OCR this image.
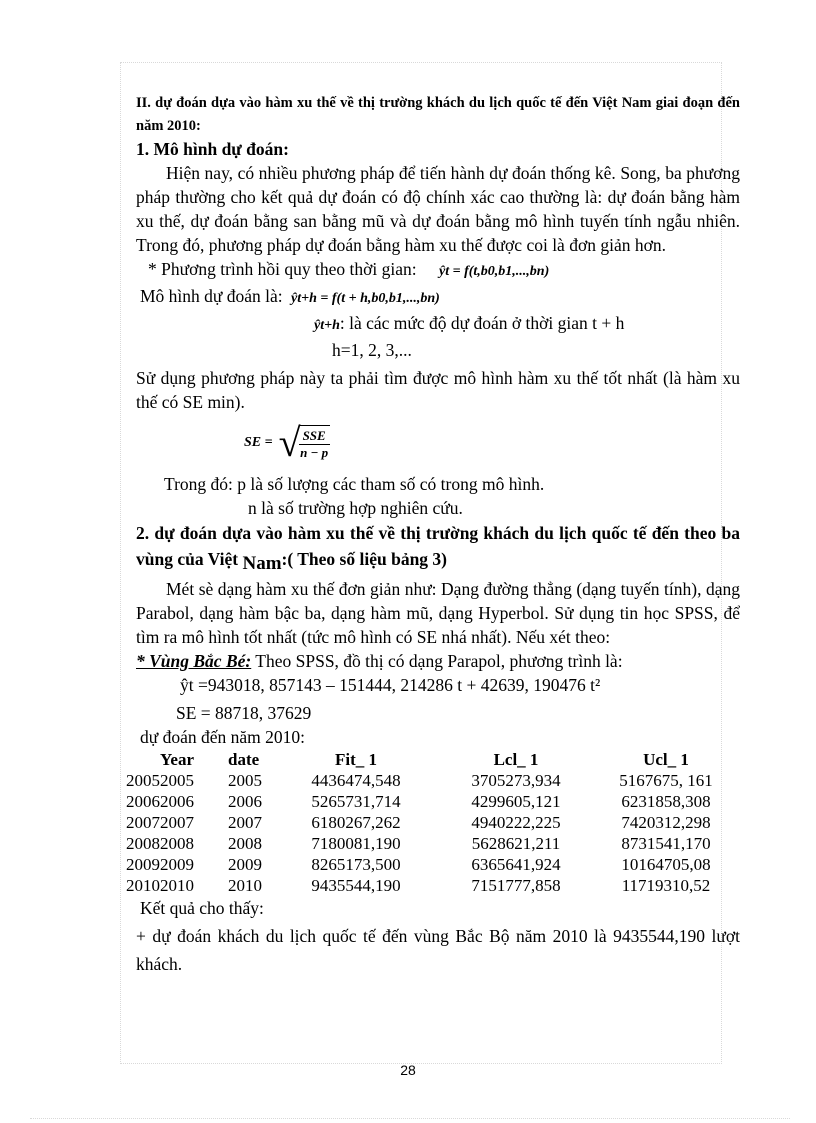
II. dự đoán dựa vào hàm xu thế về thị trường khách du lịch quốc tế đến Việt Nam giai đoạn đến năm 2010:
1. Mô hình dự đoán:
Hiện nay, có nhiều phương pháp để tiến hành dự đoán thống kê. Song, ba phương pháp thường cho kết quả dự đoán có độ chính xác cao thường là: dự đoán bằng hàm xu thế, dự đoán bằng san bằng mũ và dự đoán bằng mô hình tuyến tính ngẫu nhiên. Trong đó, phương pháp dự đoán bằng hàm xu thế được coi là đơn giản hơn.
* Phương trình hồi quy theo thời gian: ŷt = f(t,b0,b1,...,bn)
Mô hình dự đoán là: ŷt+h = f(t + h,b0,b1,...,bn)
ŷt+h: là các mức độ dự đoán ở thời gian t + h
h=1, 2, 3,...
Sử dụng phương pháp này ta phải tìm được mô hình hàm xu thế tốt nhất (là hàm xu thế có SE min).
SE = √
$\frac{\text{SSE}}{n - p}$
Trong đó: p là số lượng các tham số có trong mô hình.
n là số trường hợp nghiên cứu.
2. dự đoán dựa vào hàm xu thế về thị trường khách du lịch quốc tế đến theo ba vùng của Việt Nam:( Theo số liệu bảng 3)
Mét sè dạng hàm xu thế đơn giản như: Dạng đường thẳng (dạng tuyến tính), dạng Parabol, dạng hàm bậc ba, dạng hàm mũ, dạng Hyperbol. Sử dụng tin học SPSS, để tìm ra mô hình tốt nhất (tức mô hình có SE nhá nhất). Nếu xét theo:
* Vùng Bắc Bé: Theo SPSS, đồ thị có dạng Parapol, phương trình là:
ŷt =943018, 857143 – 151444, 214286 t + 42639, 190476 t²
SE = 88718, 37629
dự đoán đến năm 2010:
Year	date	Fit_ 1	Lcl_ 1	Ucl_ 1
20052005	2005	4436474,548	3705273,934	5167675, 161
20062006	2006	5265731,714	4299605,121	6231858,308
20072007	2007	6180267,262	4940222,225	7420312,298
20082008	2008	7180081,190	5628621,211	8731541,170
20092009	2009	8265173,500	6365641,924	10164705,08
20102010	2010	9435544,190	7151777,858	11719310,52
Kết quả cho thấy:
+ dự đoán khách du lịch quốc tế đến vùng Bắc Bộ năm 2010 là 9435544,190 lượt khách.
28
